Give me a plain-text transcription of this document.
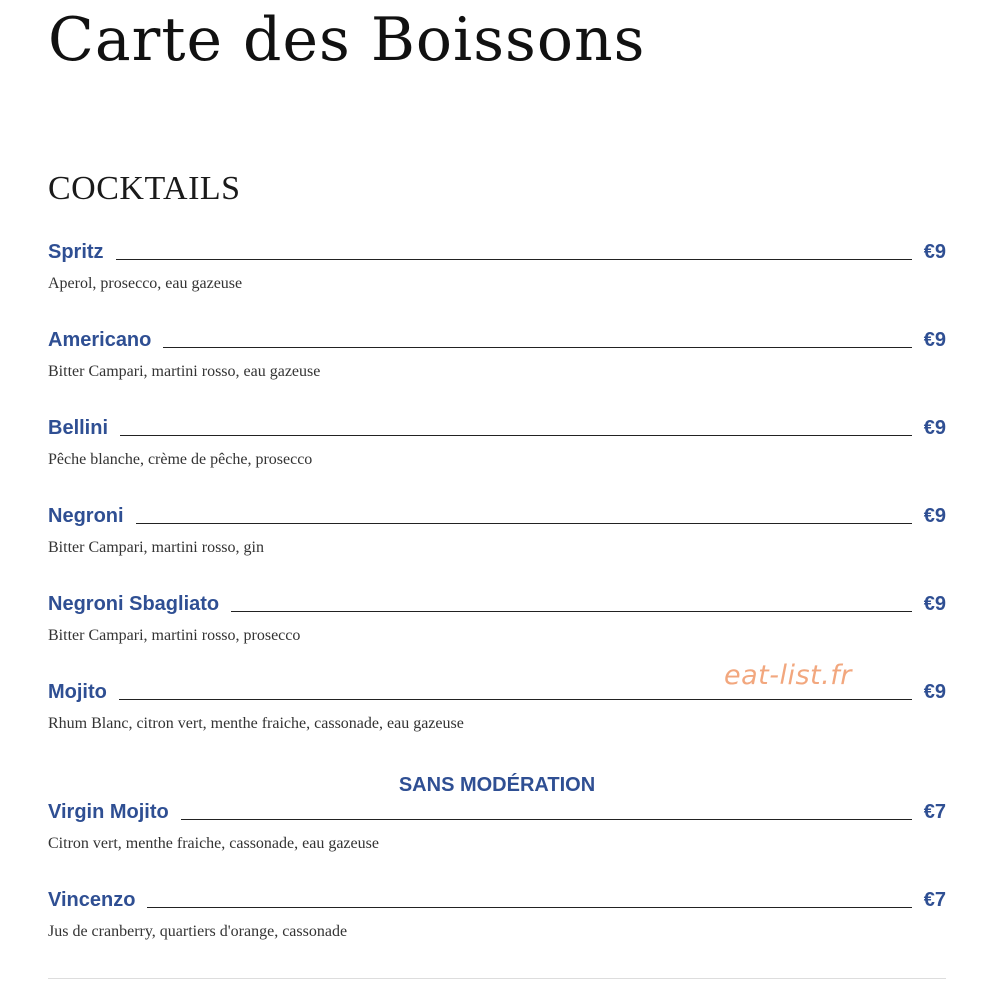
Carte des Boissons
COCKTAILS
Spritz	€9
Aperol, prosecco, eau gazeuse
Americano	€9
Bitter Campari, martini rosso, eau gazeuse
Bellini	€9
Pêche blanche, crème de pêche, prosecco
Negroni	€9
Bitter Campari, martini rosso, gin
Negroni Sbagliato	€9
Bitter Campari, martini rosso, prosecco
Mojito	€9
Rhum Blanc, citron vert, menthe fraiche, cassonade, eau gazeuse
SANS MODÉRATION
Virgin Mojito	€7
Citron vert, menthe fraiche, cassonade, eau gazeuse
Vincenzo	€7
Jus de cranberry, quartiers d'orange, cassonade
eat-list.fr
